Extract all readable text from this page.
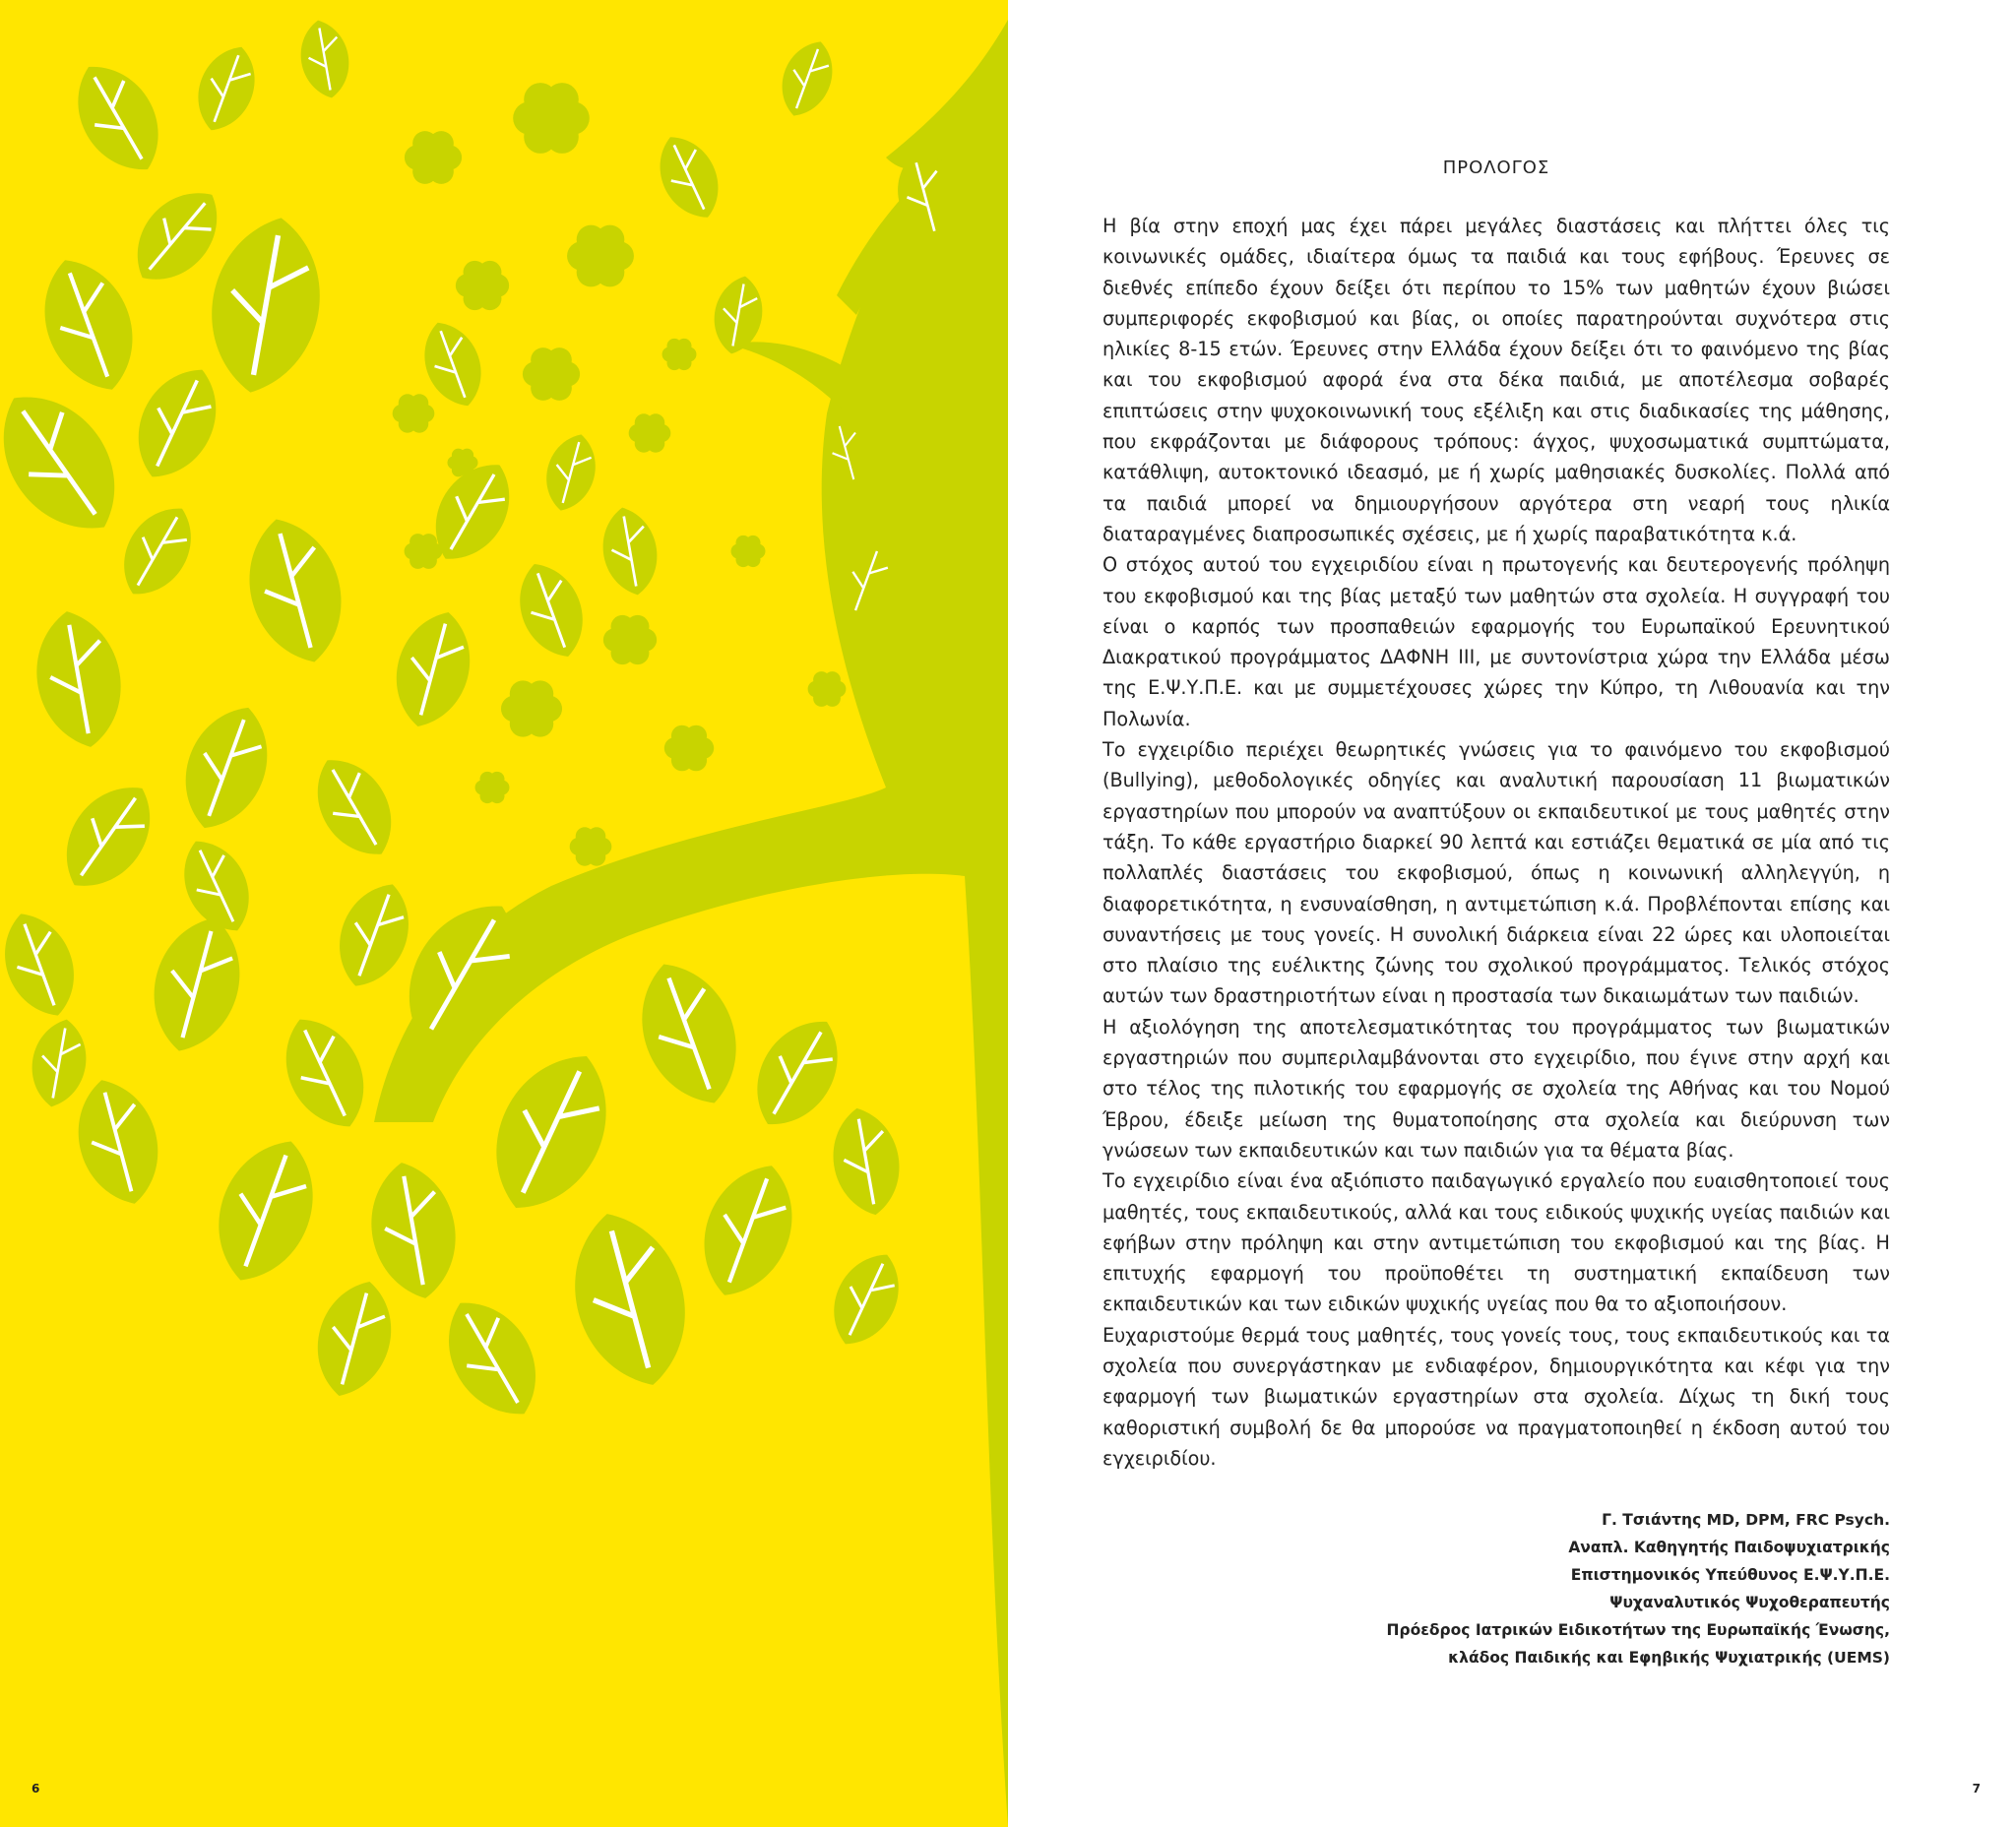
6	7
ΠΡΟΛΟΓΟΣ

Η βία στην εποχή μας έχει πάρει μεγάλες διαστάσεις και πλήττει όλες τις κοινωνικές ομάδες, ιδιαίτερα όμως τα παιδιά και τους εφήβους. Έρευνες σε διεθνές επίπεδο έχουν δείξει ότι περίπου το 15% των μαθητών έχουν βιώσει συμπεριφορές εκφοβισμού και βίας, οι οποίες παρατηρούνται συχνότερα στις ηλικίες 8-15 ετών. Έρευνες στην Ελλάδα έχουν δείξει ότι το φαινόμενο της βίας και του εκφοβισμού αφορά ένα στα δέκα παιδιά, με αποτέλεσμα σοβαρές επιπτώσεις στην ψυχοκοινωνική τους εξέλιξη και στις διαδικασίες της μάθησης, που εκφράζονται με διάφορους τρόπους: άγχος, ψυχοσωματικά συμπτώματα, κατάθλιψη, αυτοκτονικό ιδεασμό, με ή χωρίς μαθησιακές δυσκολίες. Πολλά από τα παιδιά μπορεί να δημιουργήσουν αργότερα στη νεαρή τους ηλικία διαταραγμένες διαπροσωπικές σχέσεις, με ή χωρίς παραβατικότητα κ.ά.

Ο στόχος αυτού του εγχειριδίου είναι η πρωτογενής και δευτερογενής πρόληψη του εκφοβισμού και της βίας μεταξύ των μαθητών στα σχολεία. Η συγγραφή του είναι ο καρπός των προσπαθειών εφαρμογής του Ευρωπαϊκού Ερευνητικού Διακρατικού προγράμματος ΔΑΦΝΗ ΙΙΙ, με συντονίστρια χώρα την Ελλάδα μέσω της Ε.Ψ.Υ.Π.Ε. και με συμμετέχουσες χώρες την Κύπρο, τη Λιθουανία και την Πολωνία.

Το εγχειρίδιο περιέχει θεωρητικές γνώσεις για το φαινόμενο του εκφοβισμού (Bullying), μεθοδολογικές οδηγίες και αναλυτική παρουσίαση 11 βιωματικών εργαστηρίων που μπορούν να αναπτύξουν οι εκπαιδευτικοί με τους μαθητές στην τάξη. Το κάθε εργαστήριο διαρκεί 90 λεπτά και εστιάζει θεματικά σε μία από τις πολλαπλές διαστάσεις του εκφοβισμού, όπως η κοινωνική αλληλεγγύη, η διαφορετικότητα, η ενσυναίσθηση, η αντιμετώπιση κ.ά. Προβλέπονται επίσης και συναντήσεις με τους γονείς. Η συνολική διάρκεια είναι 22 ώρες και υλοποιείται στο πλαίσιο της ευέλικτης ζώνης του σχολικού προγράμματος. Τελικός στόχος αυτών των δραστηριοτήτων είναι η προστασία των δικαιωμάτων των παιδιών.

Η αξιολόγηση της αποτελεσματικότητας του προγράμματος των βιωματικών εργαστηριών που συμπεριλαμβάνονται στο εγχειρίδιο, που έγινε στην αρχή και στο τέλος της πιλοτικής του εφαρμογής σε σχολεία της Αθήνας και του Νομού Έβρου, έδειξε μείωση της θυματοποίησης στα σχολεία και διεύρυνση των γνώσεων των εκπαιδευτικών και των παιδιών για τα θέματα βίας.

Το εγχειρίδιο είναι ένα αξιόπιστο παιδαγωγικό εργαλείο που ευαισθητοποιεί τους μαθητές, τους εκπαιδευτικούς, αλλά και τους ειδικούς ψυχικής υγείας παιδιών και εφήβων στην πρόληψη και στην αντιμετώπιση του εκφοβισμού και της βίας. Η επιτυχής εφαρμογή του προϋποθέτει τη συστηματική εκπαίδευση των εκπαιδευτικών και των ειδικών ψυχικής υγείας που θα το αξιοποιήσουν.

Ευχαριστούμε θερμά τους μαθητές, τους γονείς τους, τους εκπαιδευτικούς και τα σχολεία που συνεργάστηκαν με ενδιαφέρον, δημιουργικότητα και κέφι για την εφαρμογή των βιωματικών εργαστηρίων στα σχολεία. Δίχως τη δική τους καθοριστική συμβολή δε θα μπορούσε να πραγματοποιηθεί η έκδοση αυτού του εγχειριδίου.

Γ. Τσιάντης MD, DPM, FRC Psych.
Αναπλ. Καθηγητής Παιδοψυχιατρικής
Επιστημονικός Υπεύθυνος Ε.Ψ.Υ.Π.Ε.
Ψυχαναλυτικός Ψυχοθεραπευτής
Πρόεδρος Ιατρικών Ειδικοτήτων της Ευρωπαϊκής Ένωσης,
κλάδος Παιδικής και Εφηβικής Ψυχιατρικής (UEMS)
